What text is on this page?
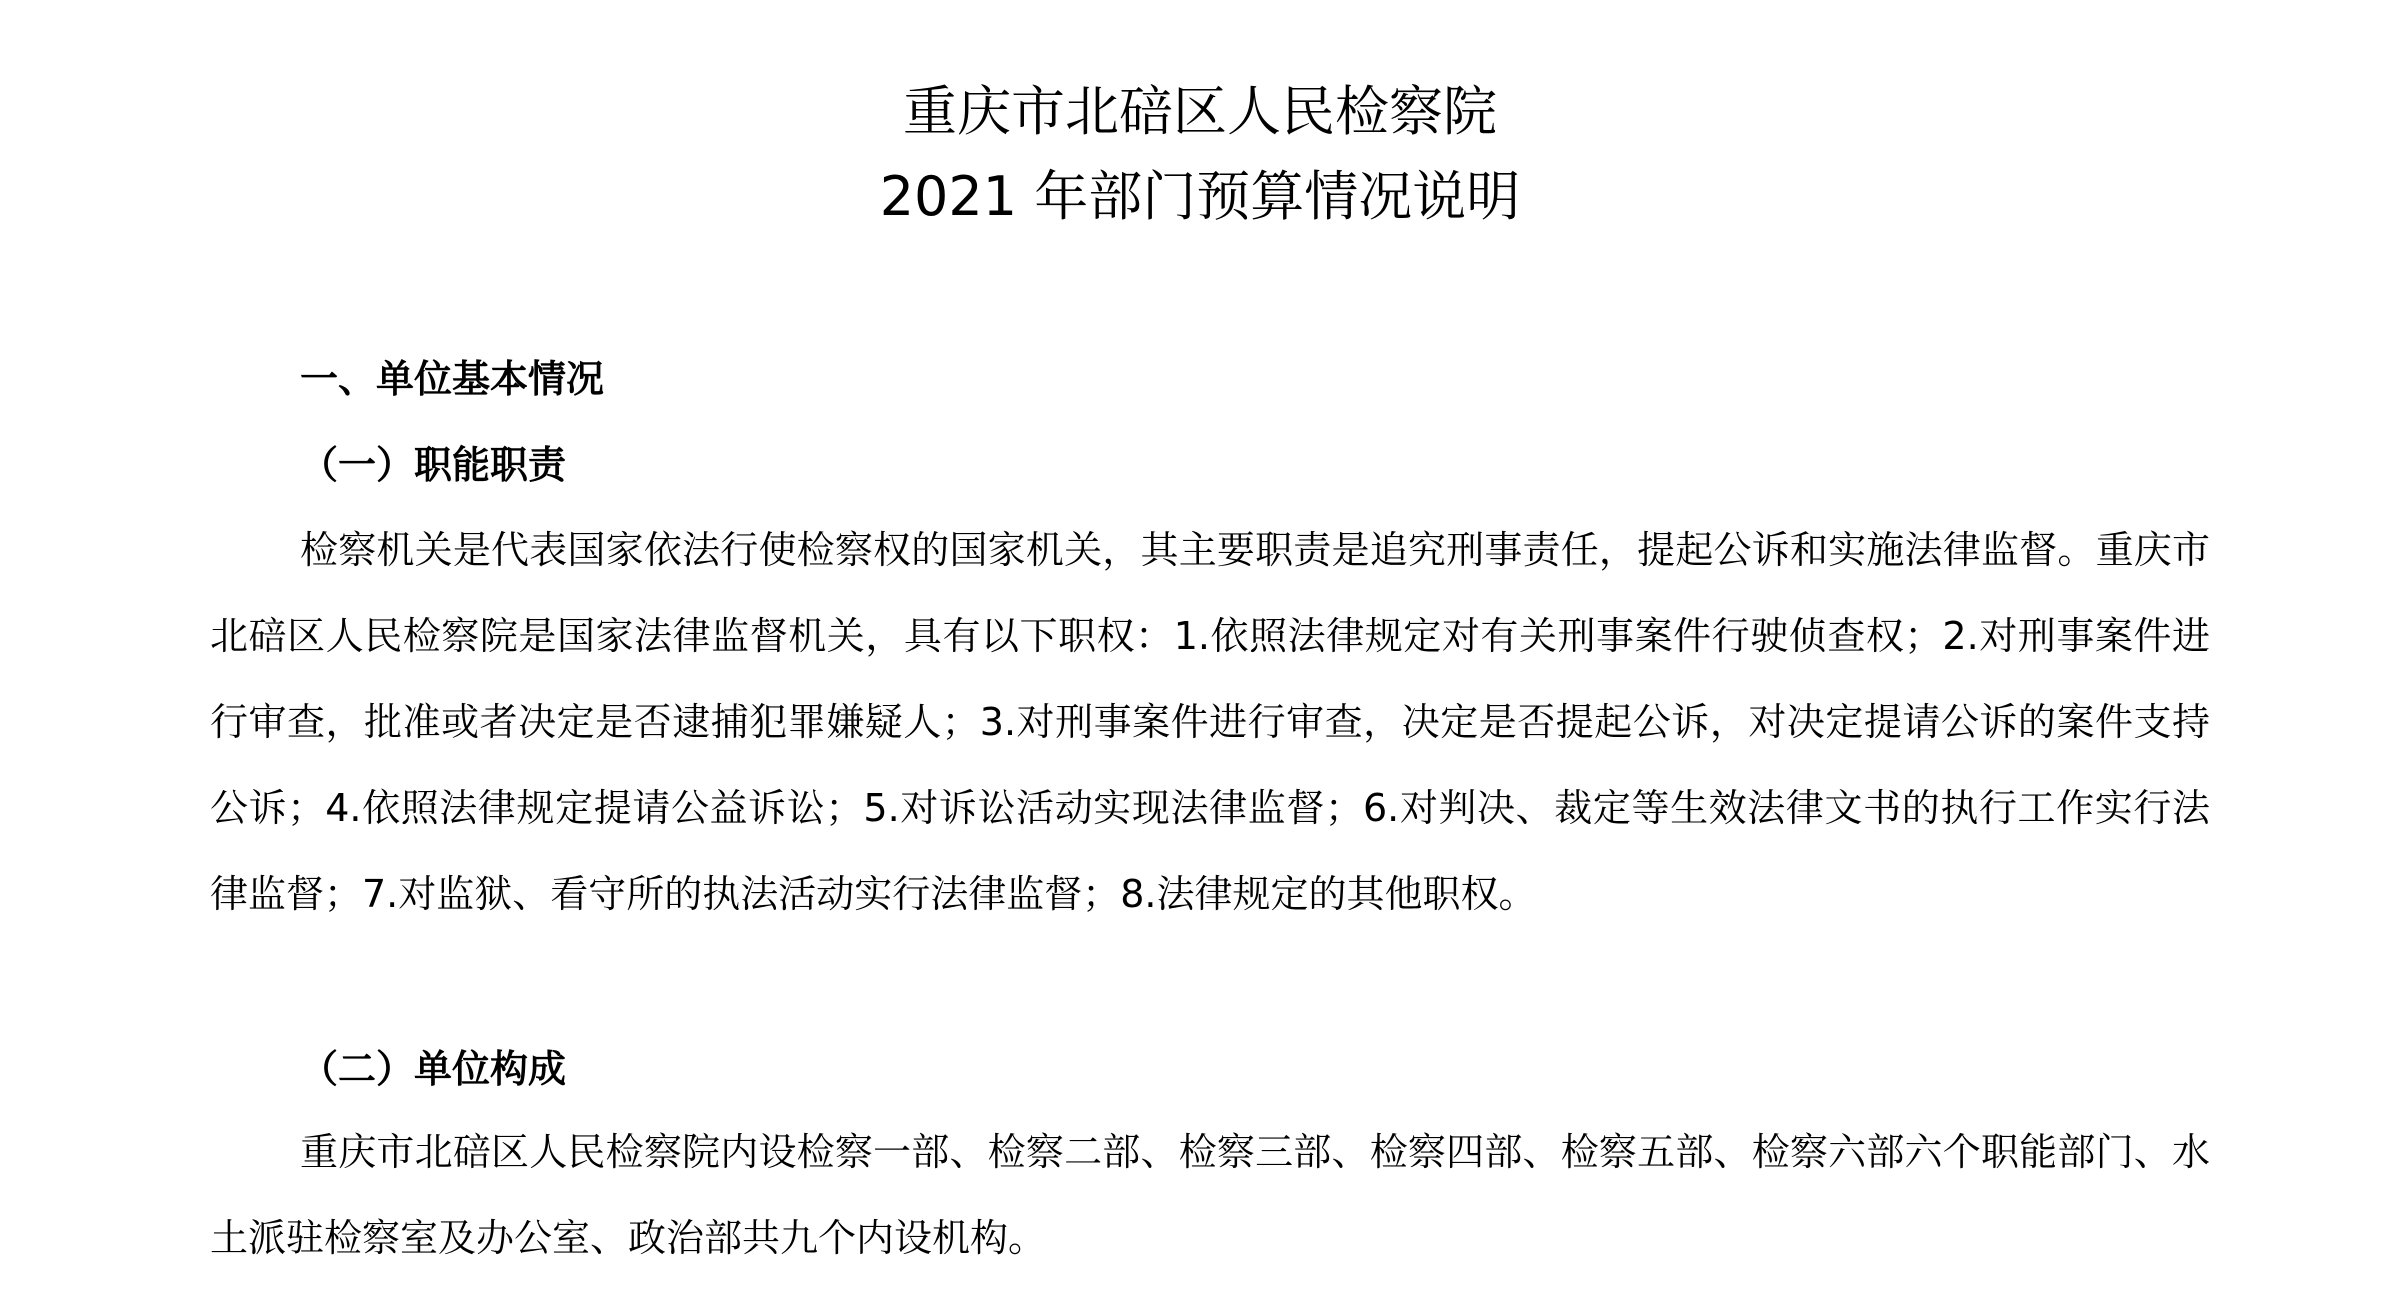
重庆市北碚区人民检察院
2021 年部门预算情况说明
一、单位基本情况
（一）职能职责

检察机关是代表国家依法行使检察权的国家机关，其主要职责是追究刑事责任，提起公诉和实施法律监督。重庆市北碚区人民检察院是国家法律监督机关，具有以下职权：1.依照法律规定对有关刑事案件行驶侦查权；2.对刑事案件进行审查，批准或者决定是否逮捕犯罪嫌疑人；3.对刑事案件进行审查，决定是否提起公诉，对决定提请公诉的案件支持公诉；4.依照法律规定提请公益诉讼；5.对诉讼活动实现法律监督；6.对判决、裁定等生效法律文书的执行工作实行法律监督；7.对监狱、看守所的执法活动实行法律监督；8.法律规定的其他职权。

（二）单位构成

重庆市北碚区人民检察院内设检察一部、检察二部、检察三部、检察四部、检察五部、检察六部六个职能部门、水土派驻检察室及办公室、政治部共九个内设机构。
